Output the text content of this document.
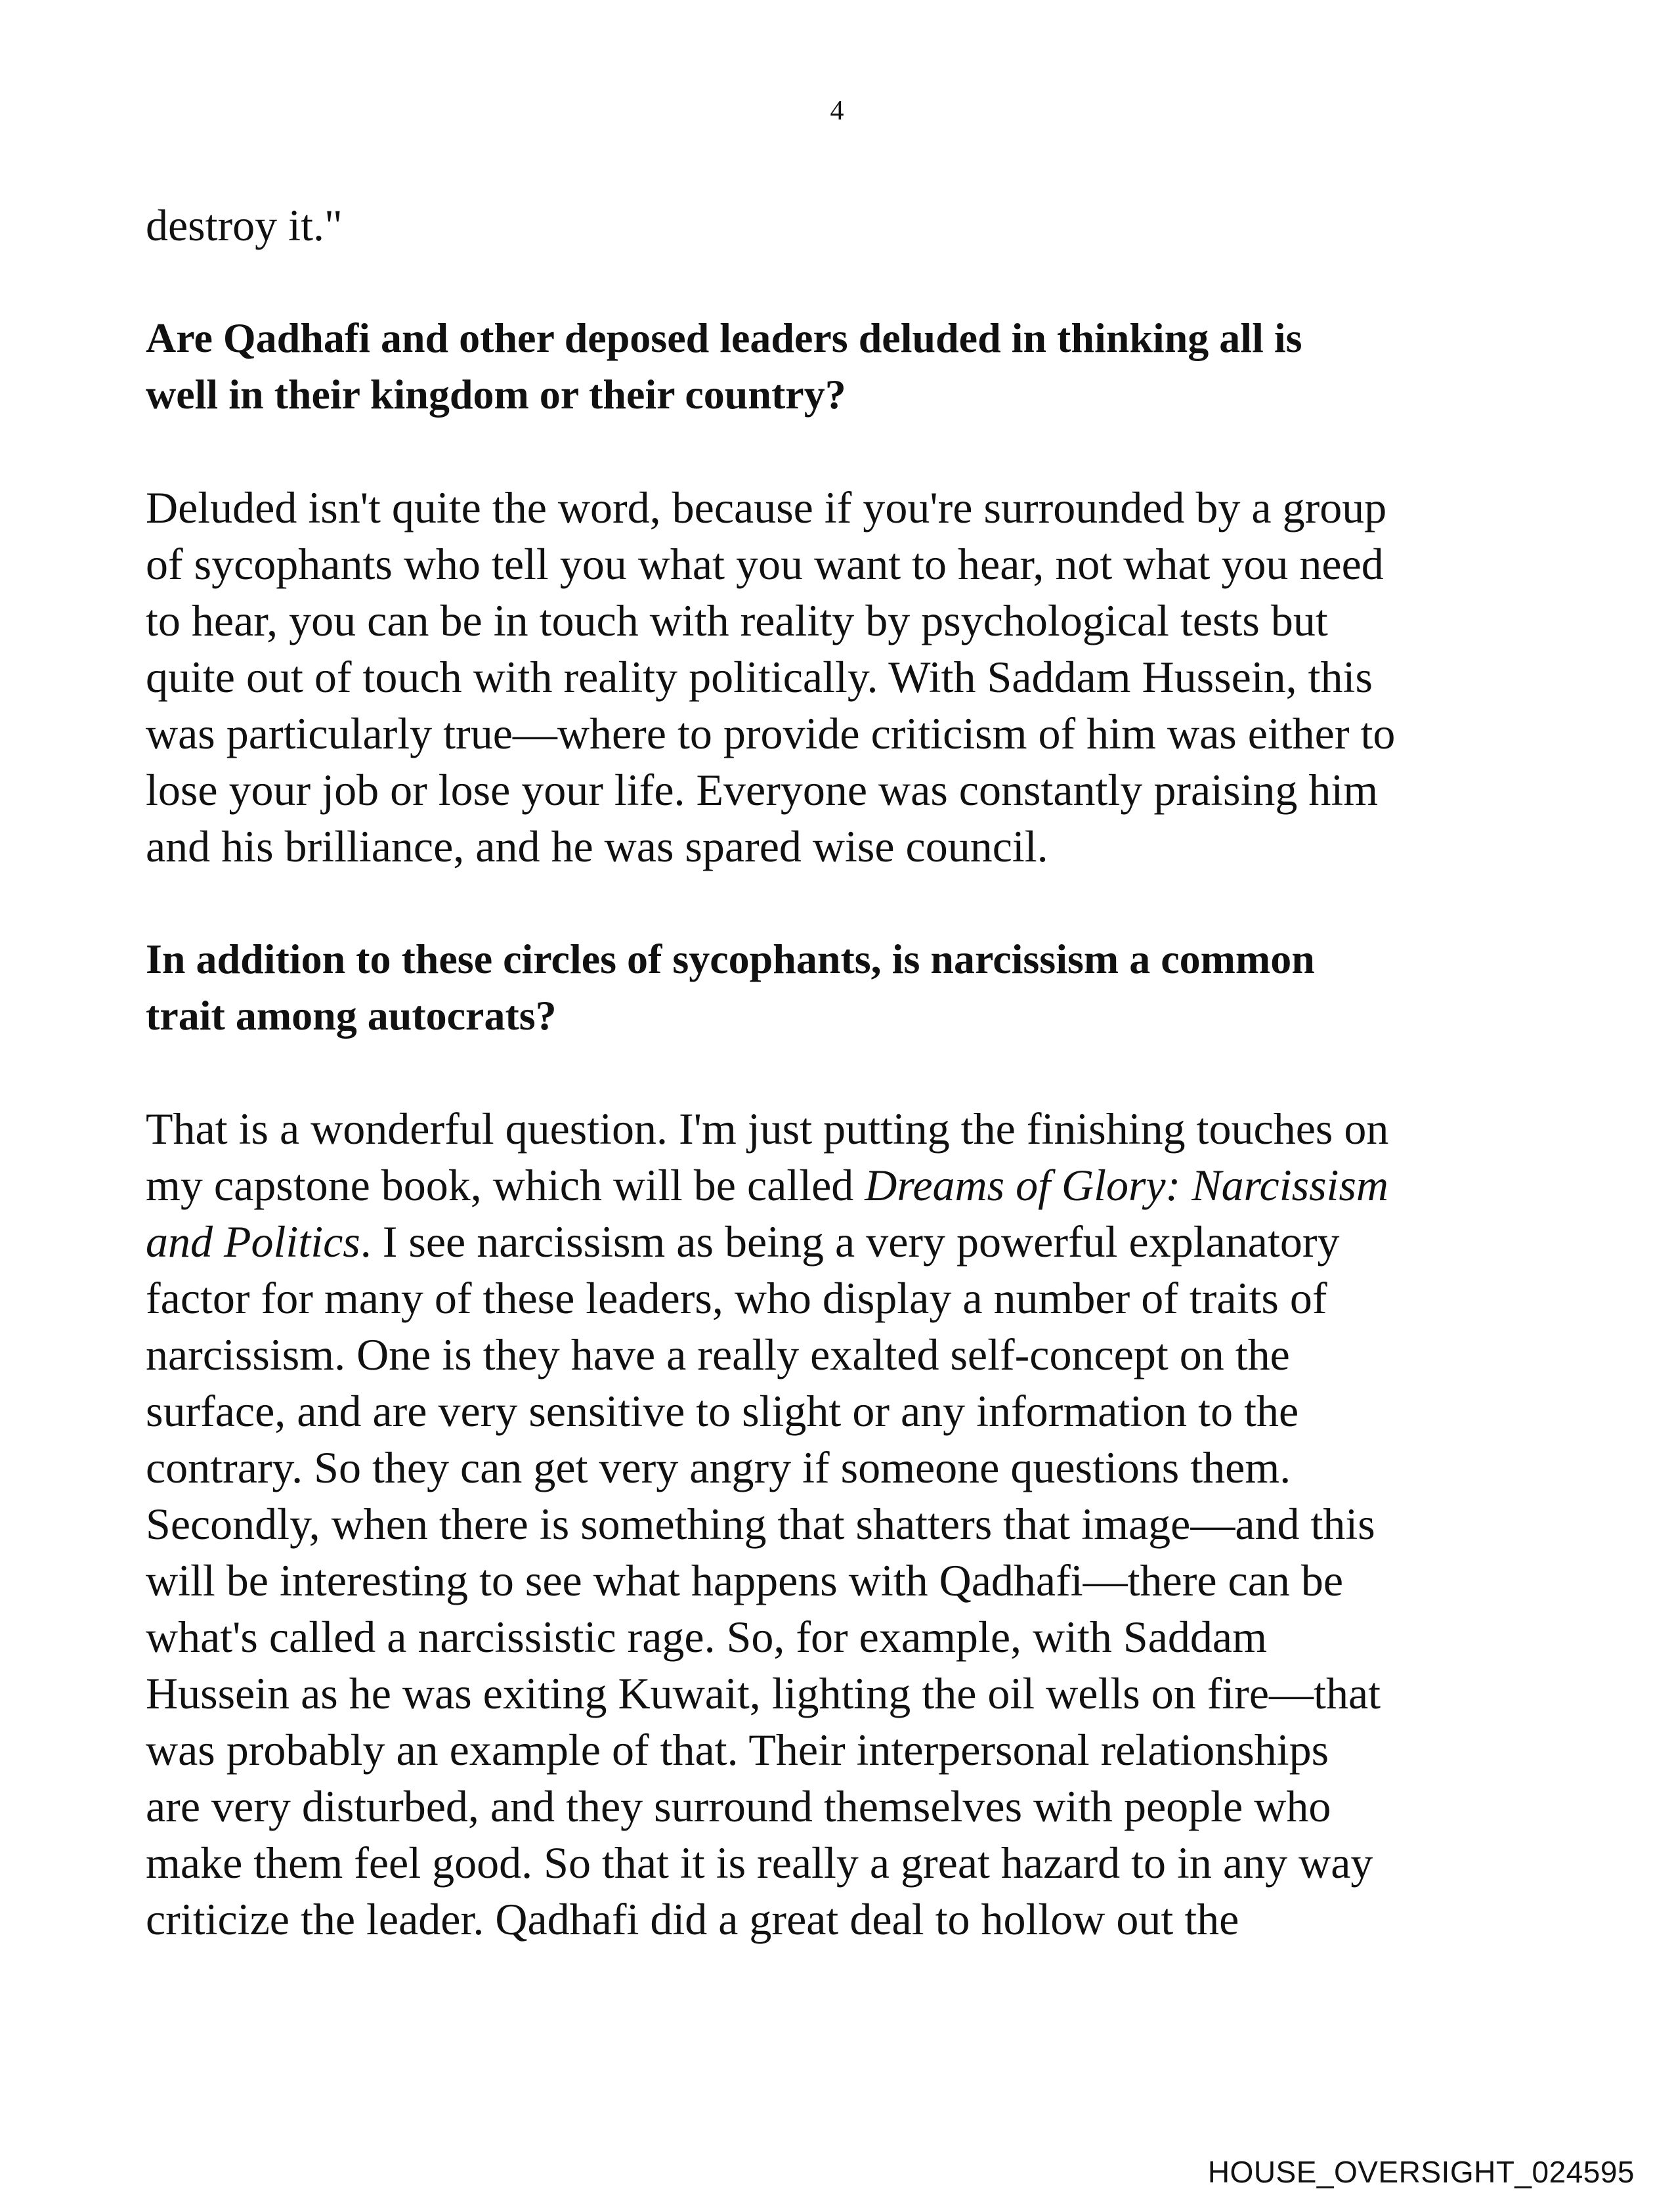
4

destroy it."

Are Qadhafi and other deposed leaders deluded in thinking all is
well in their kingdom or their country?

Deluded isn't quite the word, because if you're surrounded by a group
of sycophants who tell you what you want to hear, not what you need
to hear, you can be in touch with reality by psychological tests but
quite out of touch with reality politically. With Saddam Hussein, this
was particularly true—where to provide criticism of him was either to
lose your job or lose your life. Everyone was constantly praising him
and his brilliance, and he was spared wise council.

In addition to these circles of sycophants, is narcissism a common
trait among autocrats?

That is a wonderful question. I'm just putting the finishing touches on
my capstone book, which will be called Dreams of Glory: Narcissism
and Politics. I see narcissism as being a very powerful explanatory
factor for many of these leaders, who display a number of traits of
narcissism. One is they have a really exalted self-concept on the
surface, and are very sensitive to slight or any information to the
contrary. So they can get very angry if someone questions them.
Secondly, when there is something that shatters that image—and this
will be interesting to see what happens with Qadhafi—there can be
what's called a narcissistic rage. So, for example, with Saddam
Hussein as he was exiting Kuwait, lighting the oil wells on fire—that
was probably an example of that. Their interpersonal relationships
are very disturbed, and they surround themselves with people who
make them feel good. So that it is really a great hazard to in any way
criticize the leader. Qadhafi did a great deal to hollow out the
HOUSE_OVERSIGHT_024595
